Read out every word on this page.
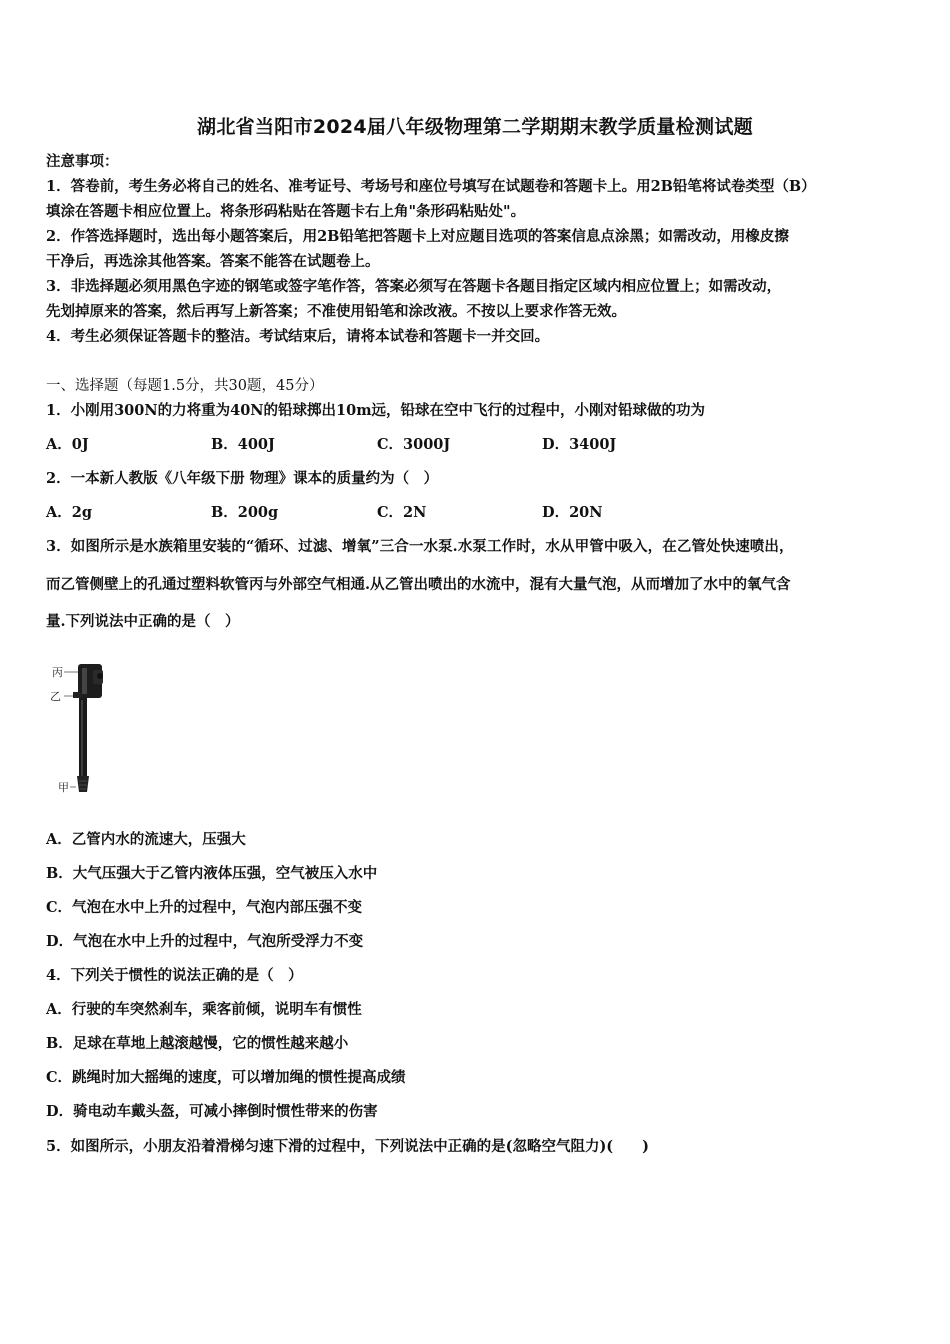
湖北省当阳市2024届八年级物理第二学期期末教学质量检测试题
注意事项：
1．答卷前，考生务必将自己的姓名、准考证号、考场号和座位号填写在试题卷和答题卡上。用2B铅笔将试卷类型（B）
填涂在答题卡相应位置上。将条形码粘贴在答题卡右上角"条形码粘贴处"。
2．作答选择题时，选出每小题答案后，用2B铅笔把答题卡上对应题目选项的答案信息点涂黑；如需改动，用橡皮擦
干净后，再选涂其他答案。答案不能答在试题卷上。
3．非选择题必须用黑色字迹的钢笔或签字笔作答，答案必须写在答题卡各题目指定区域内相应位置上；如需改动，
先划掉原来的答案，然后再写上新答案；不准使用铅笔和涂改液。不按以上要求作答无效。
4．考生必须保证答题卡的整洁。考试结束后，请将本试卷和答题卡一并交回。
一、选择题（每题1.5分，共30题，45分）
1．小刚用300N的力将重为40N的铅球掷出10m远，铅球在空中飞行的过程中，小刚对铅球做的功为
A．0J	B．400J	C．3000J	D．3400J
2．一本新人教版《八年级下册 物理》课本的质量约为（　）
A．2g	B．200g	C．2N	D．20N
3．如图所示是水族箱里安装的“循环、过滤、增氧”三合一水泵.水泵工作时，水从甲管中吸入，在乙管处快速喷出，
而乙管侧壁上的孔通过塑料软管丙与外部空气相通.从乙管出喷出的水流中，混有大量气泡，从而增加了水中的氧气含
量.下列说法中正确的是（　）
丙
乙
甲
A．乙管内水的流速大，压强大
B．大气压强大于乙管内液体压强，空气被压入水中
C．气泡在水中上升的过程中，气泡内部压强不变
D．气泡在水中上升的过程中，气泡所受浮力不变
4．下列关于惯性的说法正确的是（　）
A．行驶的车突然刹车，乘客前倾，说明车有惯性
B．足球在草地上越滚越慢，它的惯性越来越小
C．跳绳时加大摇绳的速度，可以增加绳的惯性提高成绩
D．骑电动车戴头盔，可减小摔倒时惯性带来的伤害
5．如图所示，小朋友沿着滑梯匀速下滑的过程中，下列说法中正确的是(忽略空气阻力)(　　)
